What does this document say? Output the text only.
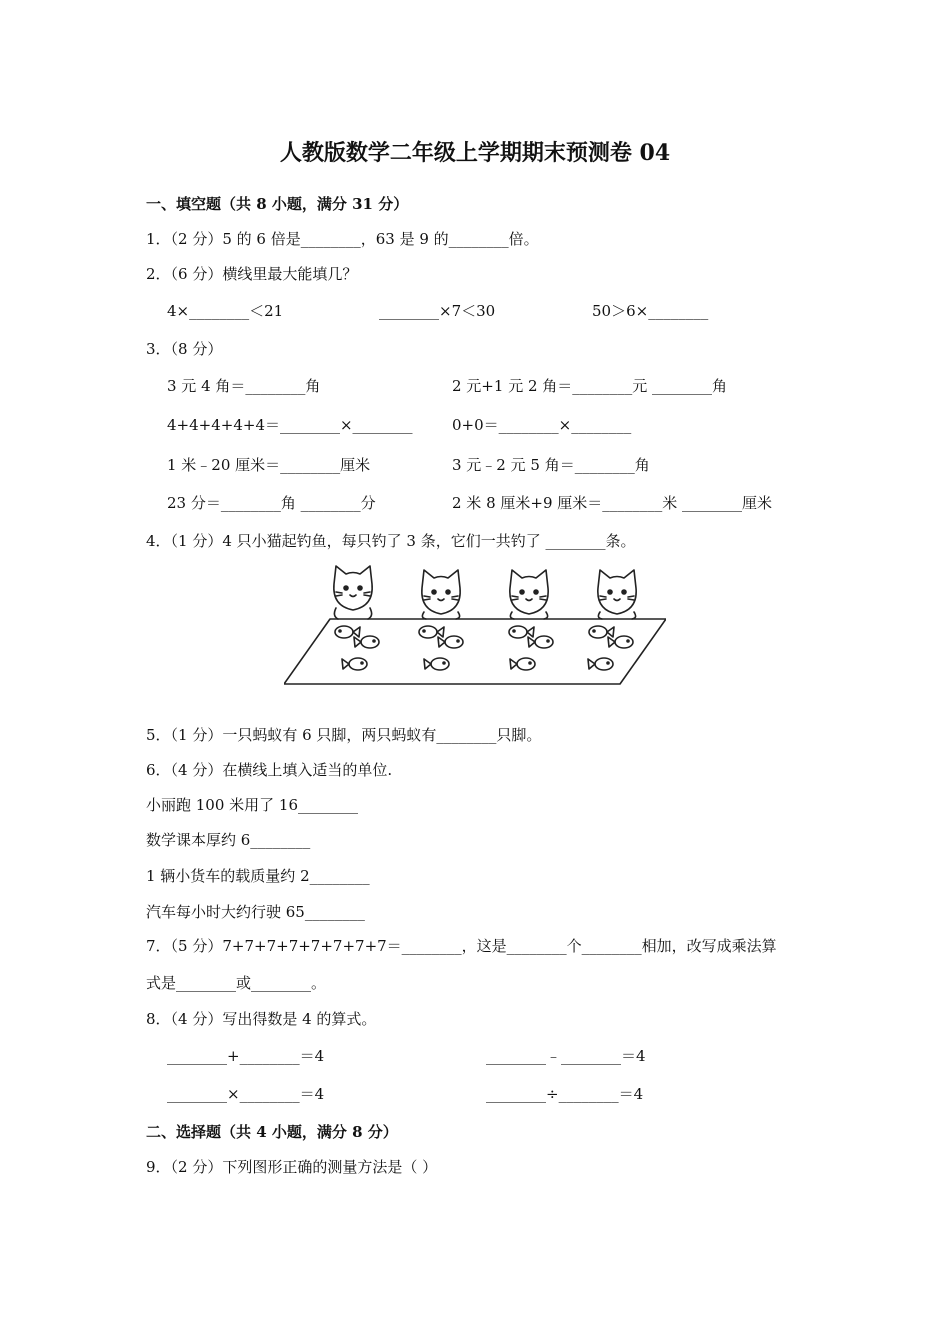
人教版数学二年级上学期期末预测卷 04
一、填空题（共 8 小题，满分 31 分）
1．（2 分）5 的 6 倍是________，63 是 9 的________倍。
2．（6 分）横线里最大能填几？
4×________＜21	________×7＜30	50＞6×________
3．（8 分）
3 元 4 角＝________角	2 元+1 元 2 角＝________元 ________角
4+4+4+4+4＝________×________	0+0＝________×________
1 米﹣20 厘米＝________厘米	3 元﹣2 元 5 角＝________角
23 分＝________角 ________分	2 米 8 厘米+9 厘米＝________米 ________厘米
4．（1 分）4 只小猫起钓鱼，每只钓了 3 条，它们一共钓了 ________条。
5．（1 分）一只蚂蚁有 6 只脚，两只蚂蚁有________只脚。
6．（4 分）在横线上填入适当的单位.
小丽跑 100 米用了 16________
数学课本厚约 6________
1 辆小货车的载质量约 2________
汽车每小时大约行驶 65________
7．（5 分）7+7+7+7+7+7+7+7＝________，这是________个________相加，改写成乘法算
式是________或________。
8．（4 分）写出得数是 4 的算式。
________+________＝4	________﹣________＝4
________×________＝4	________÷________＝4
二、选择题（共 4 小题，满分 8 分）
9．（2 分）下列图形正确的测量方法是（ ）
